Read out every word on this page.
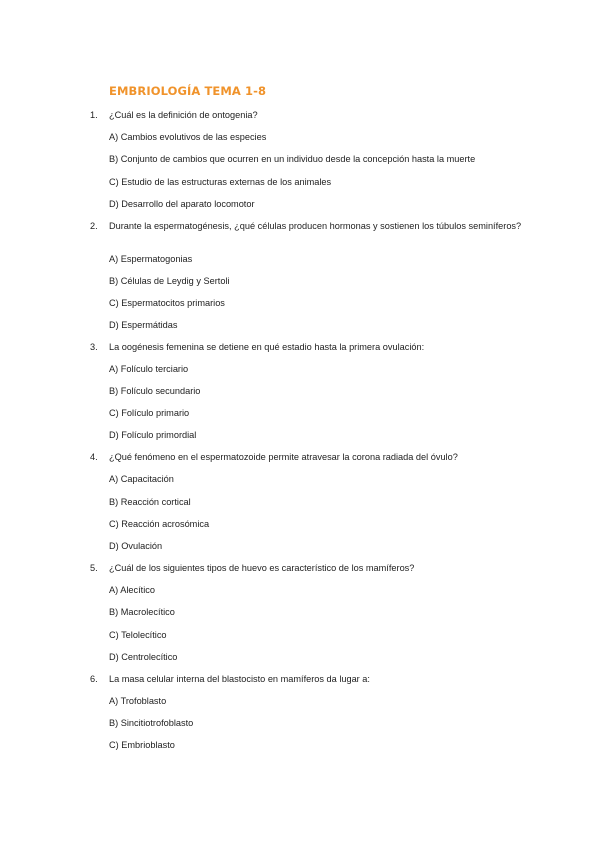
EMBRIOLOGÍA TEMA 1-8
1. ¿Cuál es la definición de ontogenia?
A) Cambios evolutivos de las especies
B) Conjunto de cambios que ocurren en un individuo desde la concepción hasta la muerte
C) Estudio de las estructuras externas de los animales
D) Desarrollo del aparato locomotor
2. Durante la espermatogénesis, ¿qué células producen hormonas y sostienen los túbulos seminíferos?
A) Espermatogonias
B) Células de Leydig y Sertoli
C) Espermatocitos primarios
D) Espermátidas
3. La oogénesis femenina se detiene en qué estadio hasta la primera ovulación:
A) Folículo terciario
B) Folículo secundario
C) Folículo primario
D) Folículo primordial
4. ¿Qué fenómeno en el espermatozoide permite atravesar la corona radiada del óvulo?
A) Capacitación
B) Reacción cortical
C) Reacción acrosómica
D) Ovulación
5. ¿Cuál de los siguientes tipos de huevo es característico de los mamíferos?
A) Alecítico
B) Macrolecítico
C) Telolecítico
D) Centrolecítico
6. La masa celular interna del blastocisto en mamíferos da lugar a:
A) Trofoblasto
B) Sincitiotrofoblasto
C) Embrioblasto
